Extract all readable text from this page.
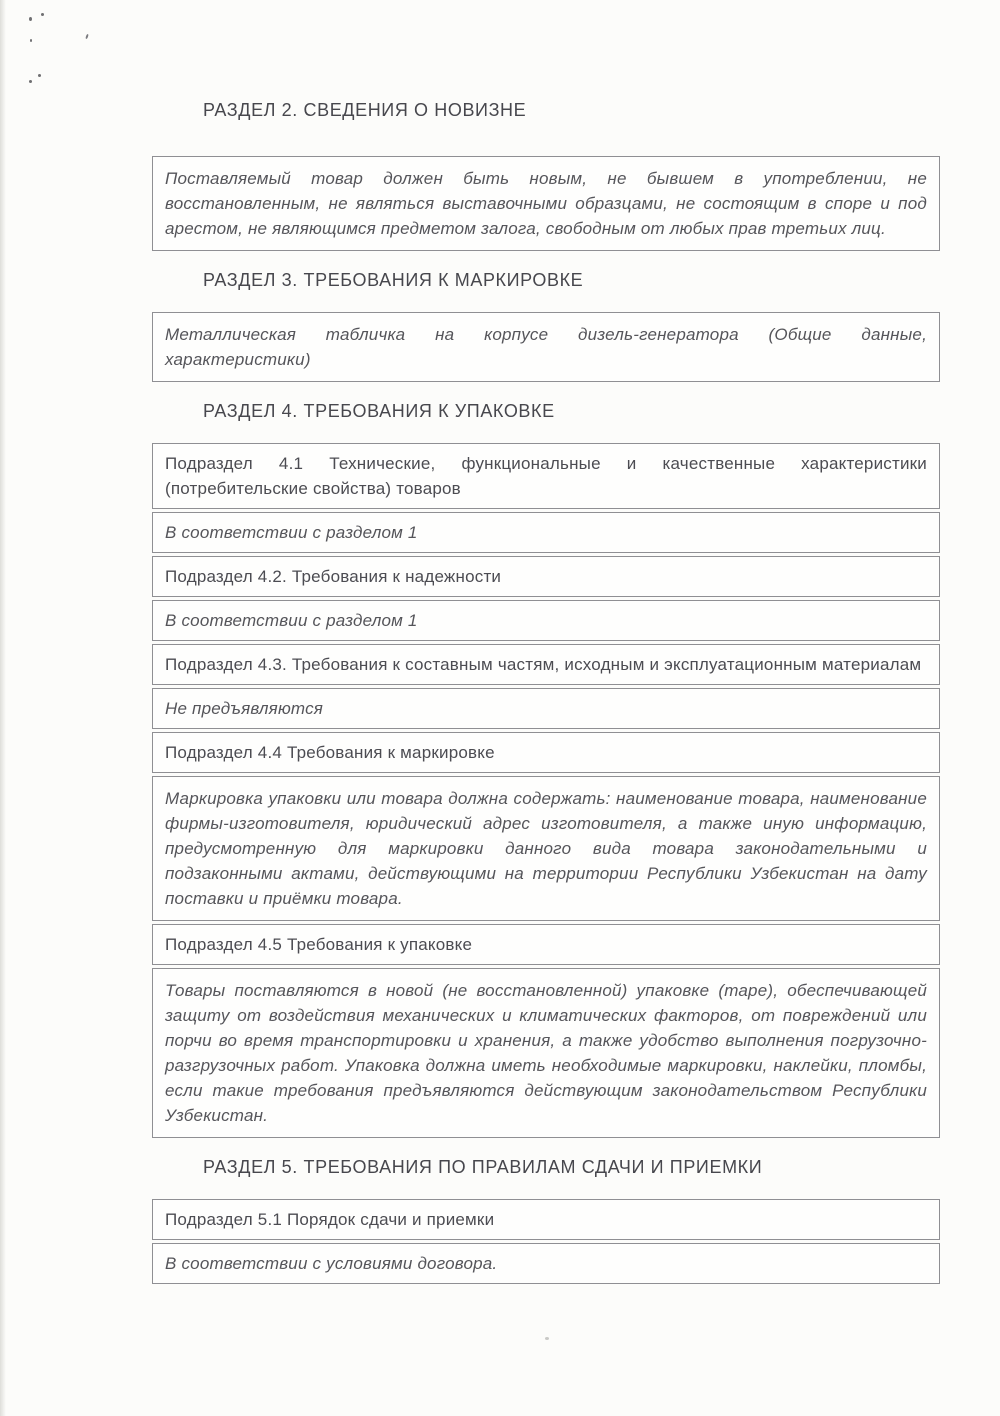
РАЗДЕЛ 2. СВЕДЕНИЯ О НОВИЗНЕ
Поставляемый товар должен быть новым, не бывшем в употреблении, не восстановленным, не являться выставочными образцами, не состоящим в споре и под арестом, не являющимся предметом залога, свободным от любых прав третьих лиц.
РАЗДЕЛ 3. ТРЕБОВАНИЯ К МАРКИРОВКЕ
Металлическая табличка на корпусе дизель-генератора (Общие данные, характеристики)
РАЗДЕЛ 4. ТРЕБОВАНИЯ К УПАКОВКЕ
Подраздел 4.1 Технические, функциональные и качественные характеристики (потребительские свойства) товаров
В соответствии с разделом 1
Подраздел 4.2. Требования к надежности
В соответствии с разделом 1
Подраздел 4.3. Требования к составным частям, исходным и эксплуатационным материалам
Не предъявляются
Подраздел 4.4 Требования к маркировке
Маркировка упаковки или товара должна содержать: наименование товара, наименование фирмы-изготовителя, юридический адрес изготовителя, а также иную информацию, предусмотренную для маркировки данного вида товара законодательными и подзаконными актами, действующими на территории Республики Узбекистан на дату поставки и приёмки товара.
Подраздел 4.5 Требования к упаковке
Товары поставляются в новой (не восстановленной) упаковке (таре), обеспечивающей защиту от воздействия механических и климатических факторов, от повреждений или порчи во время транспортировки и хранения, а также удобство выполнения погрузочно-разгрузочных работ. Упаковка должна иметь необходимые маркировки, наклейки, пломбы, если такие требования предъявляются действующим законодательством Республики Узбекистан.
РАЗДЕЛ 5. ТРЕБОВАНИЯ ПО ПРАВИЛАМ СДАЧИ И ПРИЕМКИ
Подраздел 5.1 Порядок сдачи и приемки
В соответствии с условиями договора.
